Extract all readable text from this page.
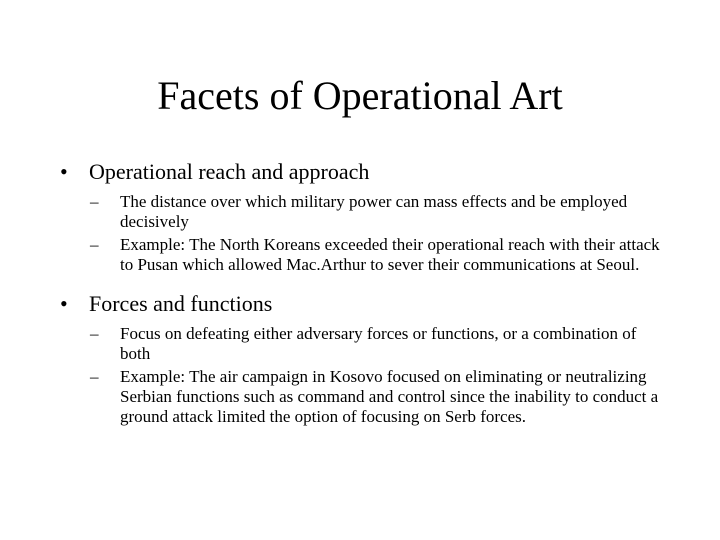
Facets of Operational Art
• Operational reach and approach
– The distance over which military power can mass effects and be employed decisively
– Example: The North Koreans exceeded their operational reach with their attack to Pusan which allowed Mac.Arthur to sever their communications at Seoul.
• Forces and functions
– Focus on defeating either adversary forces or functions, or a combination of both
– Example: The air campaign in Kosovo focused on eliminating or neutralizing Serbian functions such as command and control since the inability to conduct a ground attack limited the option of focusing on Serb forces.
